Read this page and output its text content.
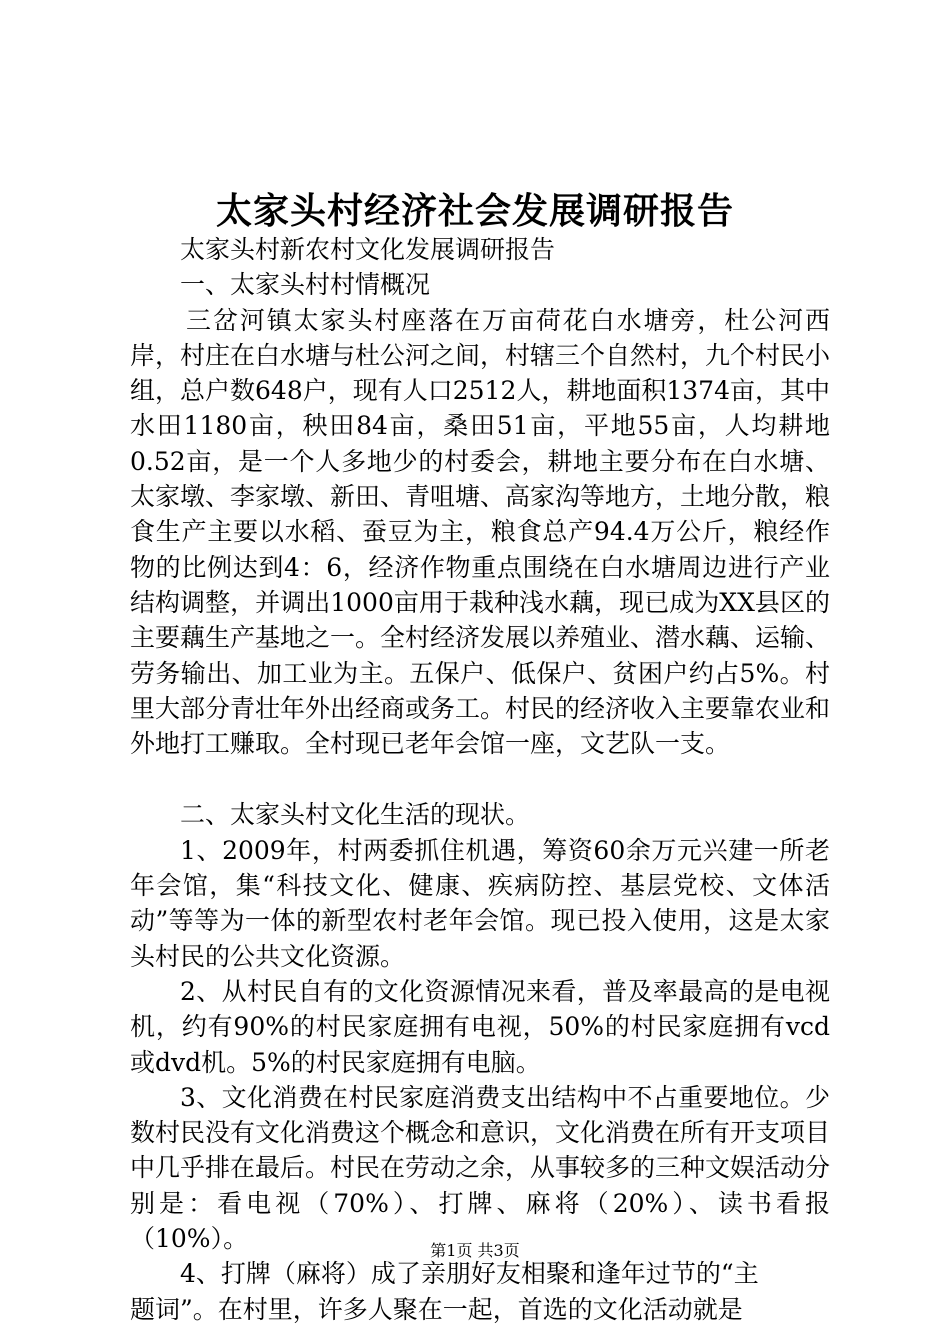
太家头村经济社会发展调研报告

太家头村新农村文化发展调研报告

一、太家头村村情概况

三岔河镇太家头村座落在万亩荷花白水塘旁，杜公河西岸，村庄在白水塘与杜公河之间，村辖三个自然村，九个村民小组，总户数648户，现有人口2512人，耕地面积1374亩，其中水田1180亩，秧田84亩，桑田51亩，平地55亩，人均耕地0.52亩，是一个人多地少的村委会，耕地主要分布在白水塘、太家墩、李家墩、新田、青咀塘、高家沟等地方，土地分散，粮食生产主要以水稻、蚕豆为主，粮食总产94.4万公斤，粮经作物的比例达到4：6，经济作物重点围绕在白水塘周边进行产业结构调整，并调出1000亩用于栽种浅水藕，现已成为XX县区的主要藕生产基地之一。全村经济发展以养殖业、潜水藕、运输、劳务输出、加工业为主。五保户、低保户、贫困户约占5%。村里大部分青壮年外出经商或务工。村民的经济收入主要靠农业和外地打工赚取。全村现已老年会馆一座，文艺队一支。

二、太家头村文化生活的现状。

1、2009年，村两委抓住机遇，筹资60余万元兴建一所老年会馆，集“科技文化、健康、疾病防控、基层党校、文体活动”等等为一体的新型农村老年会馆。现已投入使用，这是太家头村民的公共文化资源。

2、从村民自有的文化资源情况来看，普及率最高的是电视机，约有90%的村民家庭拥有电视，50%的村民家庭拥有vcd或dvd机。5%的村民家庭拥有电脑。

3、文化消费在村民家庭消费支出结构中不占重要地位。少数村民没有文化消费这个概念和意识，文化消费在所有开支项目中几乎排在最后。村民在劳动之余，从事较多的三种文娱活动分别是：看电视（70%）、打牌、麻将（20%）、读书看报（10%）。

4、打牌（麻将）成了亲朋好友相聚和逢年过节的“主

题词”。在村里，许多人聚在一起，首选的文化活动就是

第1页 共3页
